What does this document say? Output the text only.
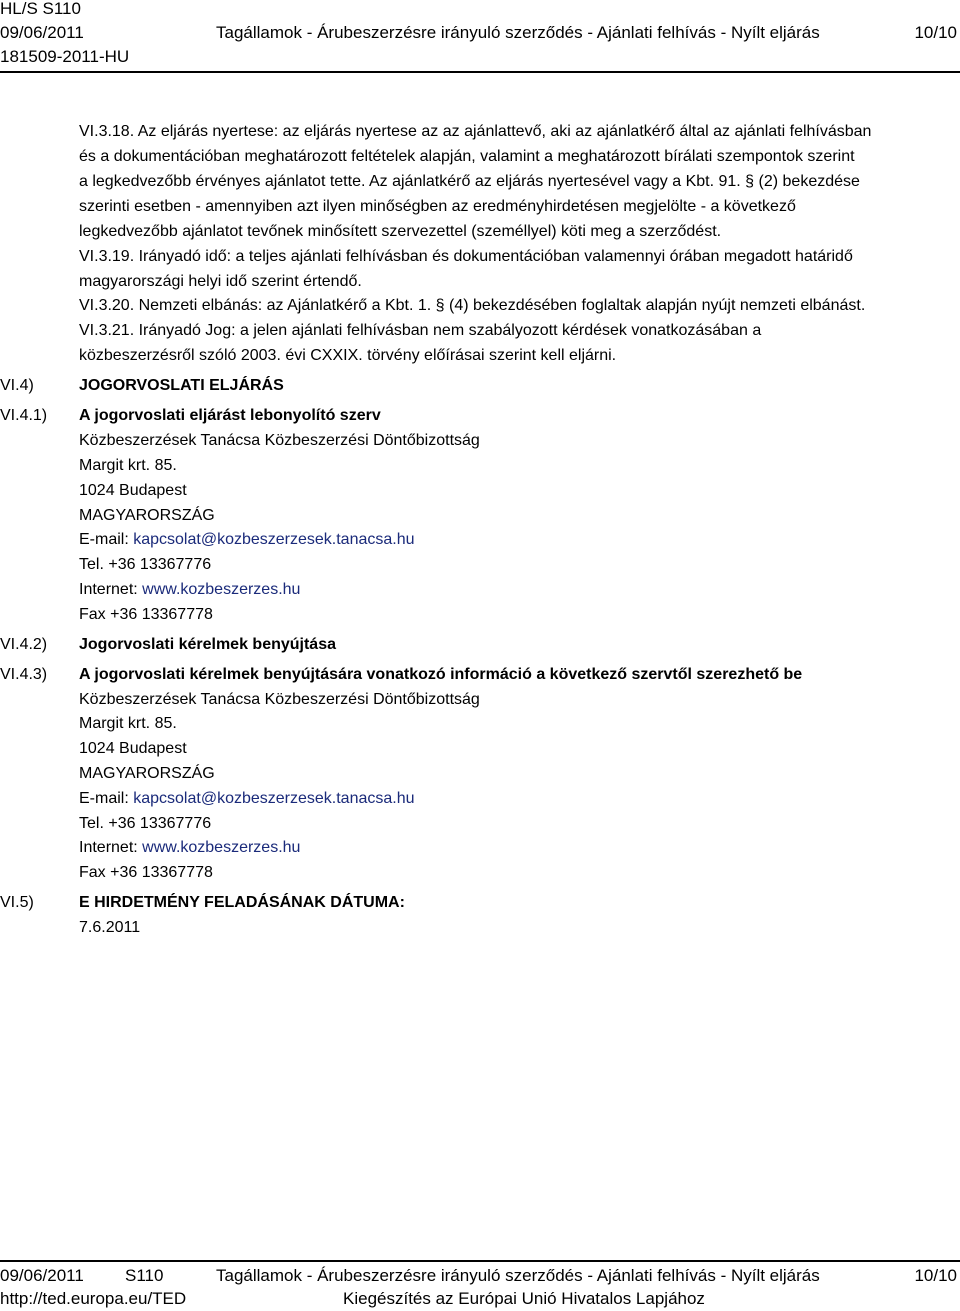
HL/S S110
09/06/2011	Tagállamok - Árubeszerzésre irányuló szerződés - Ajánlati felhívás - Nyílt eljárás	10/10
181509-2011-HU
VI.3.18. Az eljárás nyertese: az eljárás nyertese az az ajánlattevő, aki az ajánlatkérő által az ajánlati felhívásban
és a dokumentációban meghatározott feltételek alapján, valamint a meghatározott bírálati szempontok szerint
a legkedvezőbb érvényes ajánlatot tette. Az ajánlatkérő az eljárás nyertesével vagy a Kbt. 91. § (2) bekezdése
szerinti esetben - amennyiben azt ilyen minőségben az eredményhirdetésen megjelölte - a következő
legkedvezőbb ajánlatot tevőnek minősített szervezettel (személlyel) köti meg a szerződést.
VI.3.19. Irányadó idő: a teljes ajánlati felhívásban és dokumentációban valamennyi órában megadott határidő
magyarországi helyi idő szerint értendő.
VI.3.20. Nemzeti elbánás: az Ajánlatkérő a Kbt. 1. § (4) bekezdésében foglaltak alapján nyújt nemzeti elbánást.
VI.3.21. Irányadó Jog: a jelen ajánlati felhívásban nem szabályozott kérdések vonatkozásában a
közbeszerzésről szóló 2003. évi CXXIX. törvény előírásai szerint kell eljárni.
VI.4)	JOGORVOSLATI ELJÁRÁS
VI.4.1) A jogorvoslati eljárást lebonyolító szerv
Közbeszerzések Tanácsa Közbeszerzési Döntőbizottság
Margit krt. 85.
1024 Budapest
MAGYARORSZÁG
E-mail: kapcsolat@kozbeszerzesek.tanacsa.hu
Tel. +36 13367776
Internet: www.kozbeszerzes.hu
Fax +36 13367778
VI.4.2) Jogorvoslati kérelmek benyújtása
VI.4.3) A jogorvoslati kérelmek benyújtására vonatkozó információ a következő szervtől szerezhető be
Közbeszerzések Tanácsa Közbeszerzési Döntőbizottság
Margit krt. 85.
1024 Budapest
MAGYARORSZÁG
E-mail: kapcsolat@kozbeszerzesek.tanacsa.hu
Tel. +36 13367776
Internet: www.kozbeszerzes.hu
Fax +36 13367778
VI.5)	E HIRDETMÉNY FELADÁSÁNAK DÁTUMA:
7.6.2011
09/06/2011 S110	Tagállamok - Árubeszerzésre irányuló szerződés - Ajánlati felhívás - Nyílt eljárás	10/10
http://ted.europa.eu/TED	Kiegészítés az Európai Unió Hivatalos Lapjához
